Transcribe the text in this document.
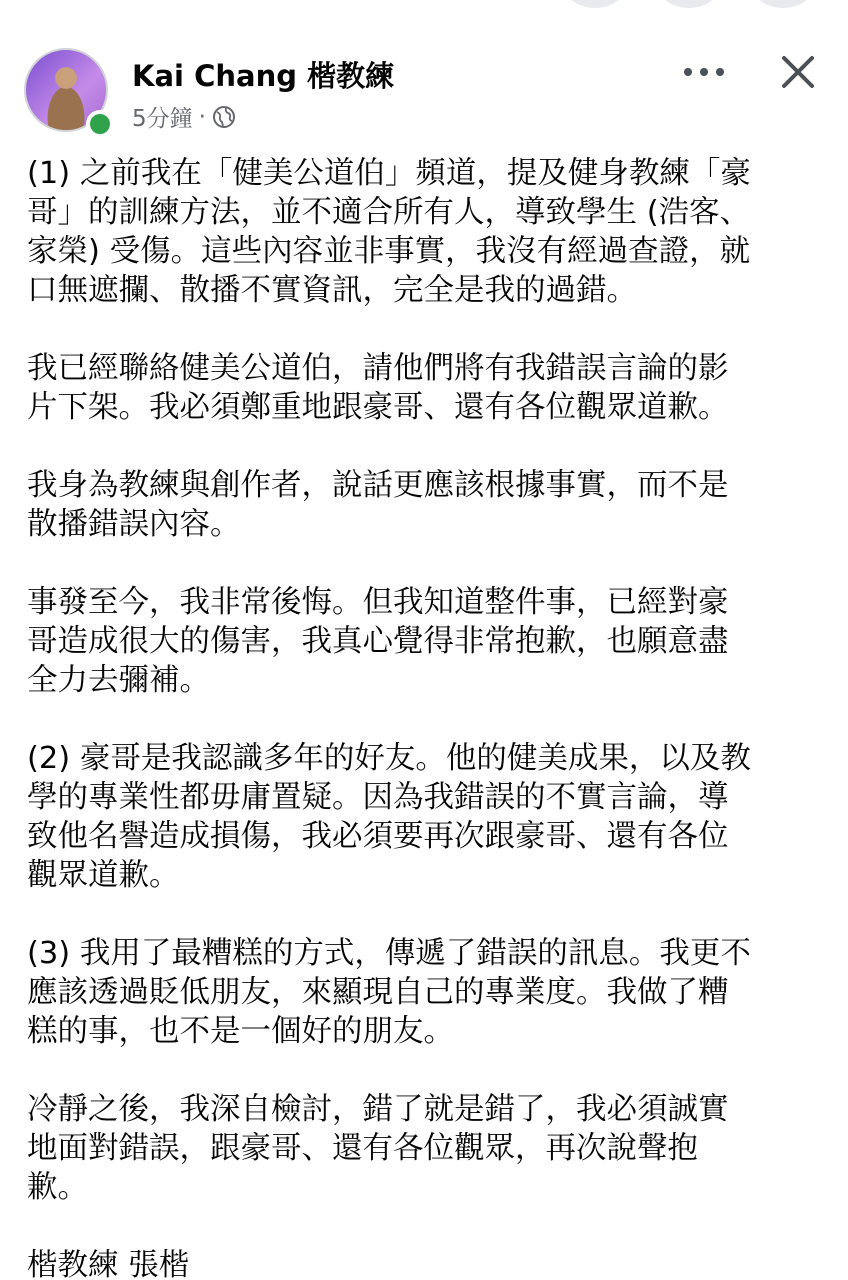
Kai Chang 楷教練
5分鐘 ·

(1) 之前我在「健美公道伯」頻道，提及健身教練「豪
哥」的訓練方法，並不適合所有人，導致學生 (浩客、
家榮) 受傷。這些內容並非事實，我沒有經過查證，就
口無遮攔、散播不實資訊，完全是我的過錯。

我已經聯絡健美公道伯，請他們將有我錯誤言論的影
片下架。我必須鄭重地跟豪哥、還有各位觀眾道歉。

我身為教練與創作者，說話更應該根據事實，而不是
散播錯誤內容。

事發至今，我非常後悔。但我知道整件事，已經對豪
哥造成很大的傷害，我真心覺得非常抱歉，也願意盡
全力去彌補。

(2) 豪哥是我認識多年的好友。他的健美成果，以及教
學的專業性都毋庸置疑。因為我錯誤的不實言論，導
致他名譽造成損傷，我必須要再次跟豪哥、還有各位
觀眾道歉。

(3) 我用了最糟糕的方式，傳遞了錯誤的訊息。我更不
應該透過貶低朋友，來顯現自己的專業度。我做了糟
糕的事，也不是一個好的朋友。

冷靜之後，我深自檢討，錯了就是錯了，我必須誠實
地面對錯誤，跟豪哥、還有各位觀眾，再次說聲抱
歉。

楷教練 張楷
